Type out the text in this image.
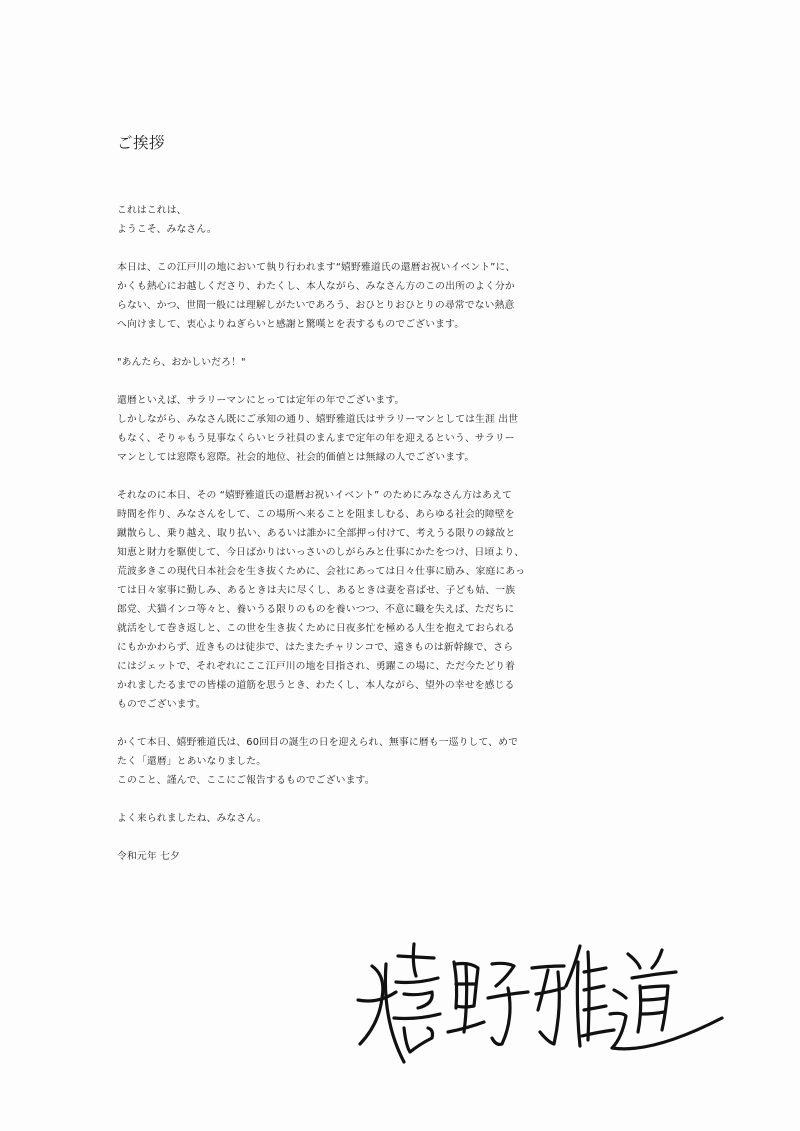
ご挨拶
これはこれは、
ようこそ、みなさん。
本日は、この江戸川の地において執り行われます“嬉野雅道氏の還暦お祝いイベント”に、
かくも熱心にお越しくださり、わたくし、本人ながら、みなさん方のこの出所のよく分か
らない、かつ、世間一般には理解しがたいであろう、おひとりおひとりの尋常でない熱意
へ向けまして、衷心よりねぎらいと感謝と驚嘆とを表するものでございます。
"あんたら、おかしいだろ！"
還暦といえば、サラリーマンにとっては定年の年でございます。
しかしながら、みなさん既にご承知の通り、嬉野雅道氏はサラリーマンとしては生涯 出世
もなく、そりゃもう見事なくらいヒラ社員のまんまで定年の年を迎えるという、サラリー
マンとしては窓際も窓際。社会的地位、社会的価値とは無縁の人でございます。
それなのに本日、その “嬉野雅道氏の還暦お祝いイベント” のためにみなさん方はあえて
時間を作り、みなさんをして、この場所へ来ることを阻ましむる、あらゆる社会的障壁を
蹴散らし、乗り越え、取り払い、あるいは誰かに全部押っ付けて、考えうる限りの縁故と
知恵と財力を駆使して、今日ばかりはいっさいのしがらみと仕事にかたをつけ、日頃より、
荒波多きこの現代日本社会を生き抜くために、会社にあっては日々仕事に励み、家庭にあっ
ては日々家事に勤しみ、あるときは夫に尽くし、あるときは妻を喜ばせ、子ども姑、一族
郎党、犬猫インコ等々と、養いうる限りのものを養いつつ、不意に職を失えば、ただちに
就活をして巻き返しと、この世を生き抜くために日夜多忙を極める人生を抱えておられる
にもかかわらず、近きものは徒歩で、はたまたチャリンコで、遠きものは新幹線で、さら
にはジェットで、それぞれにここ江戸川の地を目指され、勇躍この場に、ただ今たどり着
かれましたるまでの皆様の道筋を思うとき、わたくし、本人ながら、望外の幸せを感じる
ものでございます。
かくて本日、嬉野雅道氏は、60回目の誕生の日を迎えられ、無事に暦も一巡りして、めで
たく「還暦」とあいなりました。
このこと、謹んで、ここにご報告するものでございます。
よく来られましたね、みなさん。
令和元年 七夕
